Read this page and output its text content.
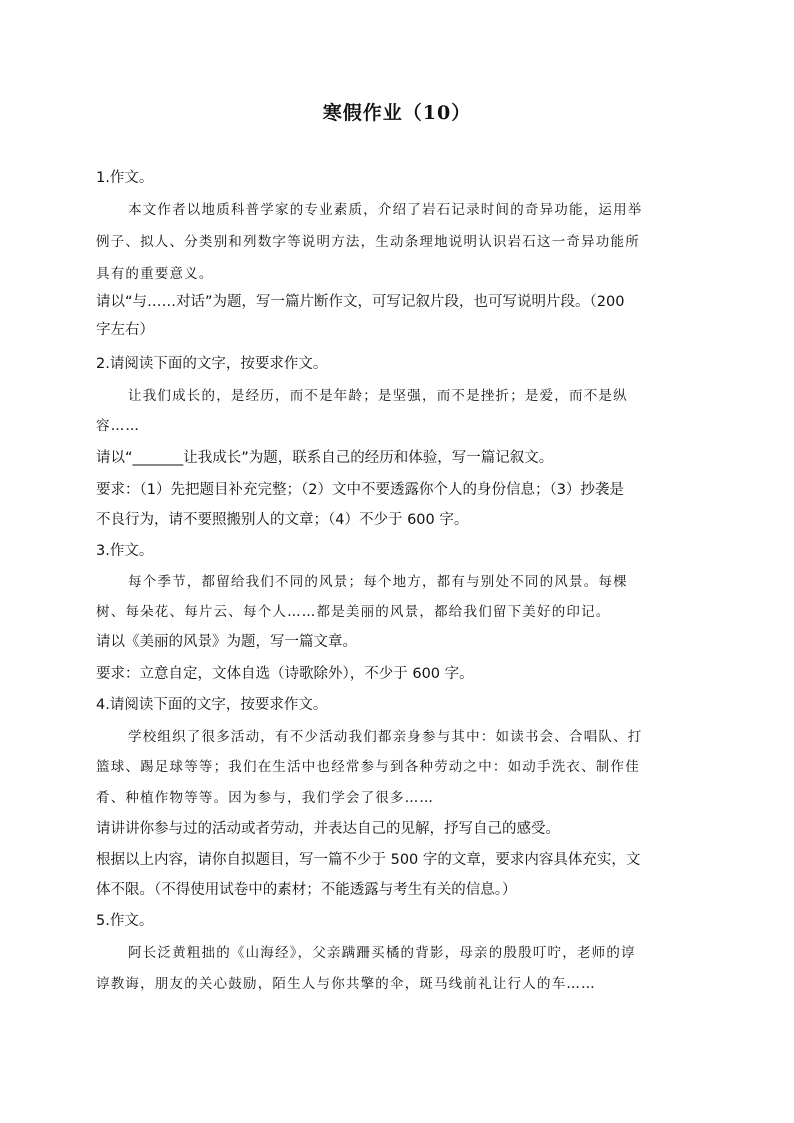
寒假作业（10）
1.作文。
本文作者以地质科普学家的专业素质，介绍了岩石记录时间的奇异功能，运用举
例子、拟人、分类别和列数字等说明方法，生动条理地说明认识岩石这一奇异功能所
具有的重要意义。
请以“与……对话”为题，写一篇片断作文，可写记叙片段，也可写说明片段。（200
字左右）
2.请阅读下面的文字，按要求作文。
让我们成长的，是经历，而不是年龄；是坚强，而不是挫折；是爱，而不是纵
容……
请以“_______让我成长”为题，联系自己的经历和体验，写一篇记叙文。
要求：（1）先把题目补充完整；（2）文中不要透露你个人的身份信息；（3）抄袭是
不良行为，请不要照搬别人的文章；（4）不少于 600 字。
3.作文。
每个季节，都留给我们不同的风景；每个地方，都有与别处不同的风景。每棵
树、每朵花、每片云、每个人……都是美丽的风景，都给我们留下美好的印记。
请以《美丽的风景》为题，写一篇文章。
要求：立意自定，文体自选（诗歌除外），不少于 600 字。
4.请阅读下面的文字，按要求作文。
学校组织了很多活动，有不少活动我们都亲身参与其中：如读书会、合唱队、打
篮球、踢足球等等；我们在生活中也经常参与到各种劳动之中：如动手洗衣、制作佳
肴、种植作物等等。因为参与，我们学会了很多……
请讲讲你参与过的活动或者劳动，并表达自己的见解，抒写自己的感受。
根据以上内容，请你自拟题目，写一篇不少于 500 字的文章，要求内容具体充实，文
体不限。（不得使用试卷中的素材；不能透露与考生有关的信息。）
5.作文。
阿长泛黄粗拙的《山海经》，父亲蹒跚买橘的背影，母亲的殷殷叮咛，老师的谆
谆教诲，朋友的关心鼓励，陌生人与你共擎的伞，斑马线前礼让行人的车……
